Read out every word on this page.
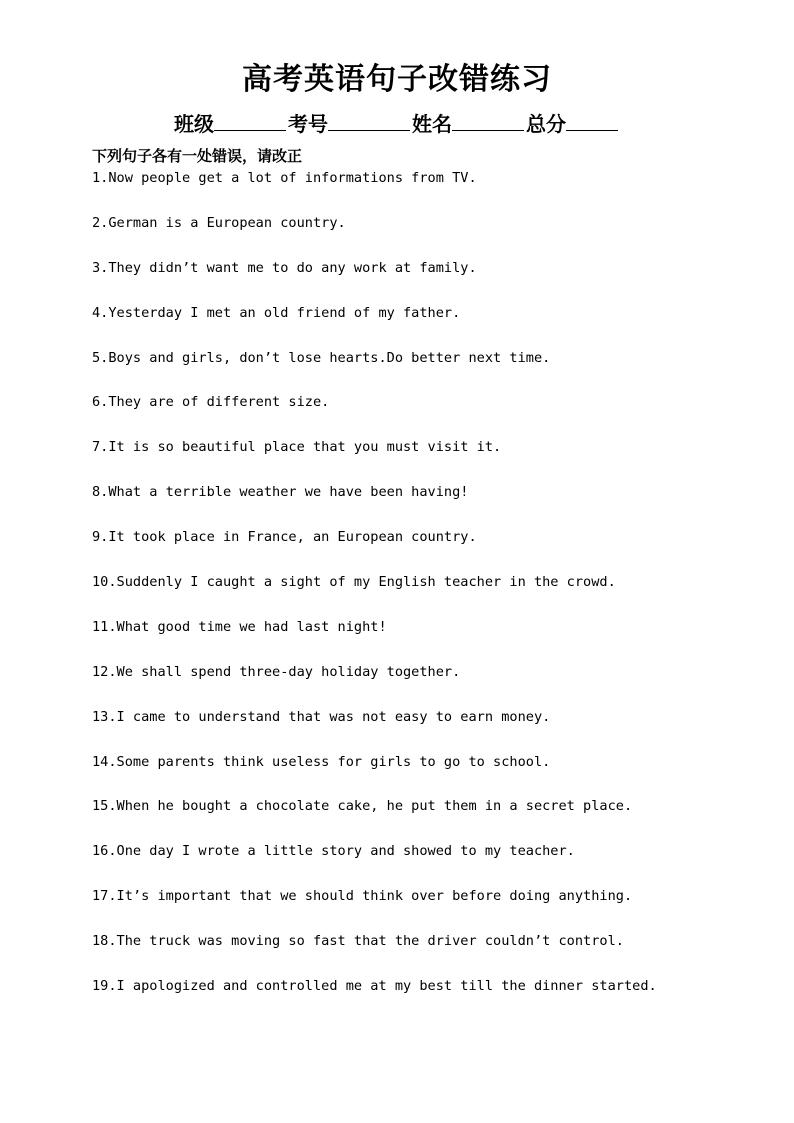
高考英语句子改错练习
班级	考号	姓名	总分

下列句子各有一处错误，请改正

1.Now people get a lot of informations from TV.
2.German is a European country.
3.They didn’t want me to do any work at family.
4.Yesterday I met an old friend of my father.
5.Boys and girls, don’t lose hearts.Do better next time.
6.They are of different size.
7.It is so beautiful place that you must visit it.
8.What a terrible weather we have been having!
9.It took place in France, an European country.
10.Suddenly I caught a sight of my English teacher in the crowd.
11.What good time we had last night!
12.We shall spend three-day holiday together.
13.I came to understand that was not easy to earn money.
14.Some parents think useless for girls to go to school.
15.When he bought a chocolate cake, he put them in a secret place.
16.One day I wrote a little story and showed to my teacher.
17.It’s important that we should think over before doing anything.
18.The truck was moving so fast that the driver couldn’t control.
19.I apologized and controlled me at my best till the dinner started.
